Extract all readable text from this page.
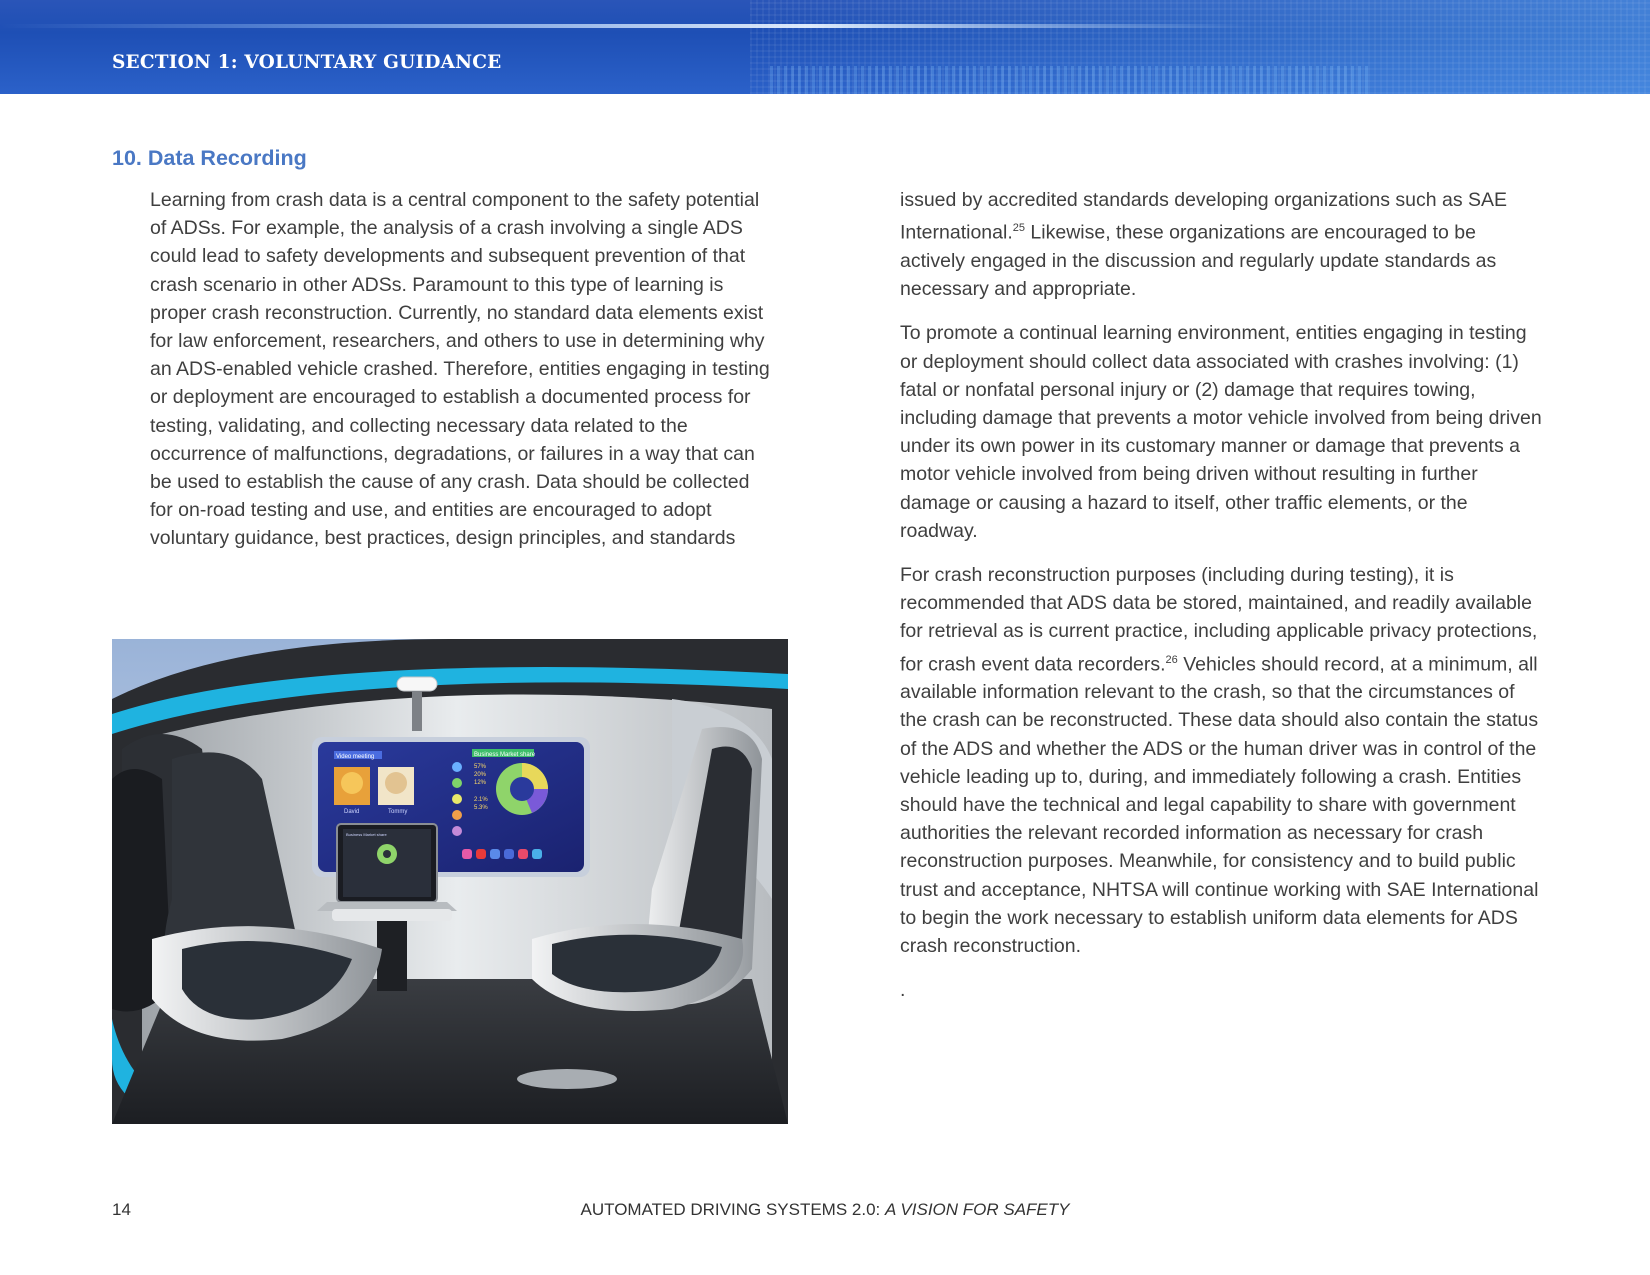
SECTION 1: VOLUNTARY GUIDANCE
10. Data Recording

Learning from crash data is a central component to the safety potential of ADSs. For example, the analysis of a crash involving a single ADS could lead to safety developments and subsequent prevention of that crash scenario in other ADSs. Paramount to this type of learning is proper crash reconstruction. Currently, no standard data elements exist for law enforcement, researchers, and others to use in determining why an ADS-enabled vehicle crashed. Therefore, entities engaging in testing or deployment are encouraged to establish a documented process for testing, validating, and collecting necessary data related to the occurrence of malfunctions, degradations, or failures in a way that can be used to establish the cause of any crash. Data should be collected for on-road testing and use, and entities are encouraged to adopt voluntary guidance, best practices, design principles, and standards

Video meeting	Business Market share
David	Tommy
57%
20%
12%
2.1%
5.3%
Business Market share

issued by accredited standards developing organizations such as SAE International.$^{25}$ Likewise, these organizations are encouraged to be actively engaged in the discussion and regularly update standards as necessary and appropriate.

To promote a continual learning environment, entities engaging in testing or deployment should collect data associated with crashes involving: (1) fatal or nonfatal personal injury or (2) damage that requires towing, including damage that prevents a motor vehicle involved from being driven under its own power in its customary manner or damage that prevents a motor vehicle involved from being driven without resulting in further damage or causing a hazard to itself, other traffic elements, or the roadway.

For crash reconstruction purposes (including during testing), it is recommended that ADS data be stored, maintained, and readily available for retrieval as is current practice, including applicable privacy protections, for crash event data recorders.$^{26}$ Vehicles should record, at a minimum, all available information relevant to the crash, so that the circumstances of the crash can be reconstructed. These data should also contain the status of the ADS and whether the ADS or the human driver was in control of the vehicle leading up to, during, and immediately following a crash. Entities should have the technical and legal capability to share with government authorities the relevant recorded information as necessary for crash reconstruction purposes. Meanwhile, for consistency and to build public trust and acceptance, NHTSA will continue working with SAE International to begin the work necessary to establish uniform data elements for ADS crash reconstruction.

.

14	AUTOMATED DRIVING SYSTEMS 2.0: A VISION FOR SAFETY
